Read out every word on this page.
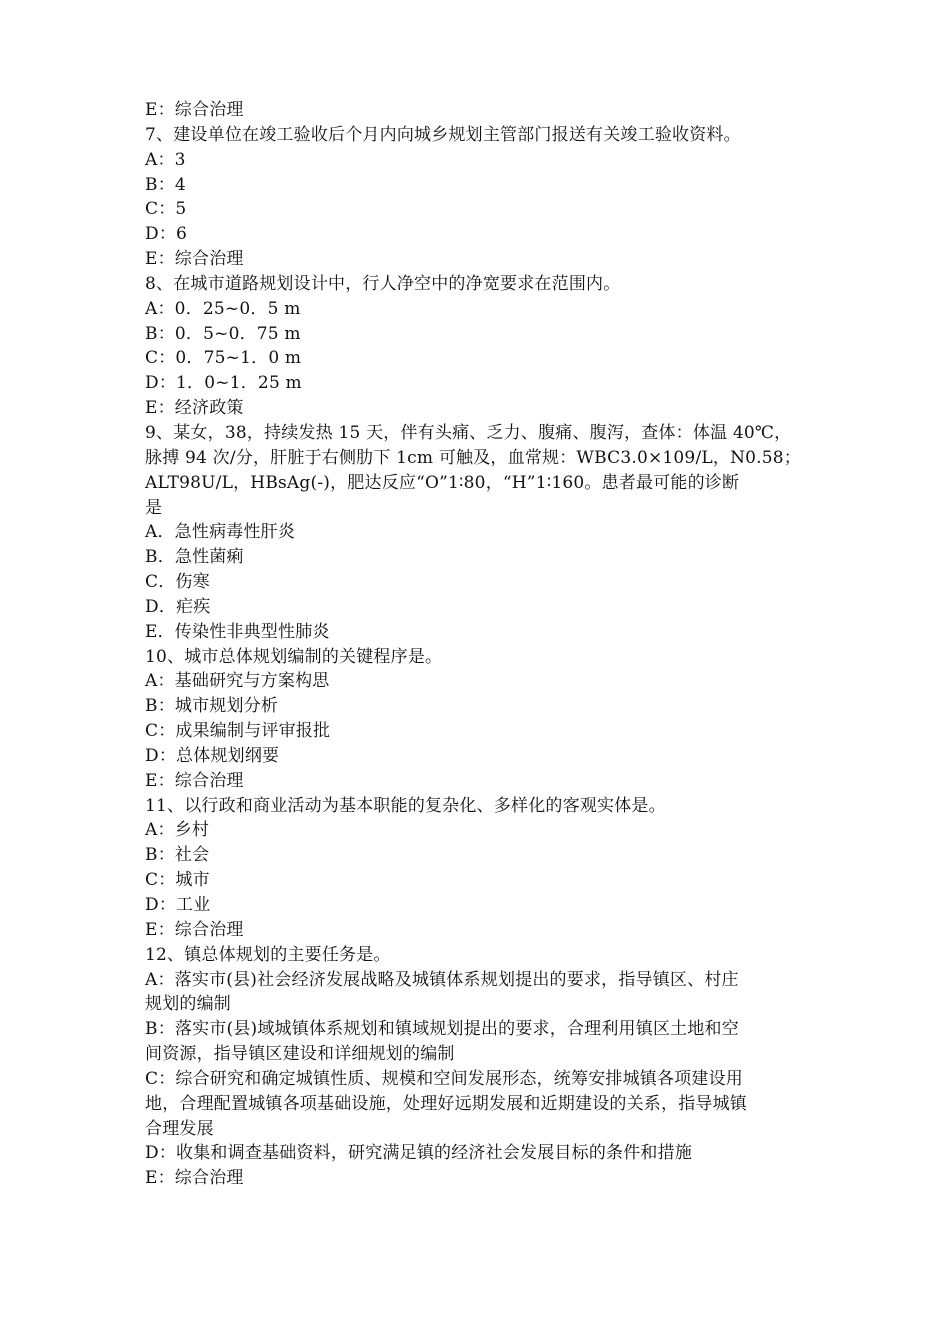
E：综合治理

7、建设单位在竣工验收后个月内向城乡规划主管部门报送有关竣工验收资料。

A：3

B：4

C：5

D：6

E：综合治理

8、在城市道路规划设计中，行人净空中的净宽要求在范围内。

A：0．25~0．5 m

B：0．5~0．75 m

C：0．75~1．0 m

D：1．0~1．25 m

E：经济政策

9、某女，38，持续发热 15 天，伴有头痛、乏力、腹痛、腹泻，查体：体温 40℃，

脉搏 94 次/分，肝脏于右侧肋下 1cm 可触及，血常规：WBC3.0×109/L，N0.58；

ALT98U/L，HBsAg(-)，肥达反应“O”1∶80，“H”1∶160。患者最可能的诊断

是

A．急性病毒性肝炎

B．急性菌痢

C．伤寒

D．疟疾

E．传染性非典型性肺炎

10、城市总体规划编制的关键程序是。

A：基础研究与方案构思

B：城市规划分析

C：成果编制与评审报批

D：总体规划纲要

E：综合治理

11、以行政和商业活动为基本职能的复杂化、多样化的客观实体是。

A：乡村

B：社会

C：城市

D：工业

E：综合治理

12、镇总体规划的主要任务是。

A：落实市(县)社会经济发展战略及城镇体系规划提出的要求，指导镇区、村庄

规划的编制

B：落实市(县)域城镇体系规划和镇域规划提出的要求，合理利用镇区土地和空

间资源，指导镇区建设和详细规划的编制

C：综合研究和确定城镇性质、规模和空间发展形态，统筹安排城镇各项建设用

地，合理配置城镇各项基础设施，处理好远期发展和近期建设的关系，指导城镇

合理发展

D：收集和调查基础资料，研究满足镇的经济社会发展目标的条件和措施

E：综合治理
